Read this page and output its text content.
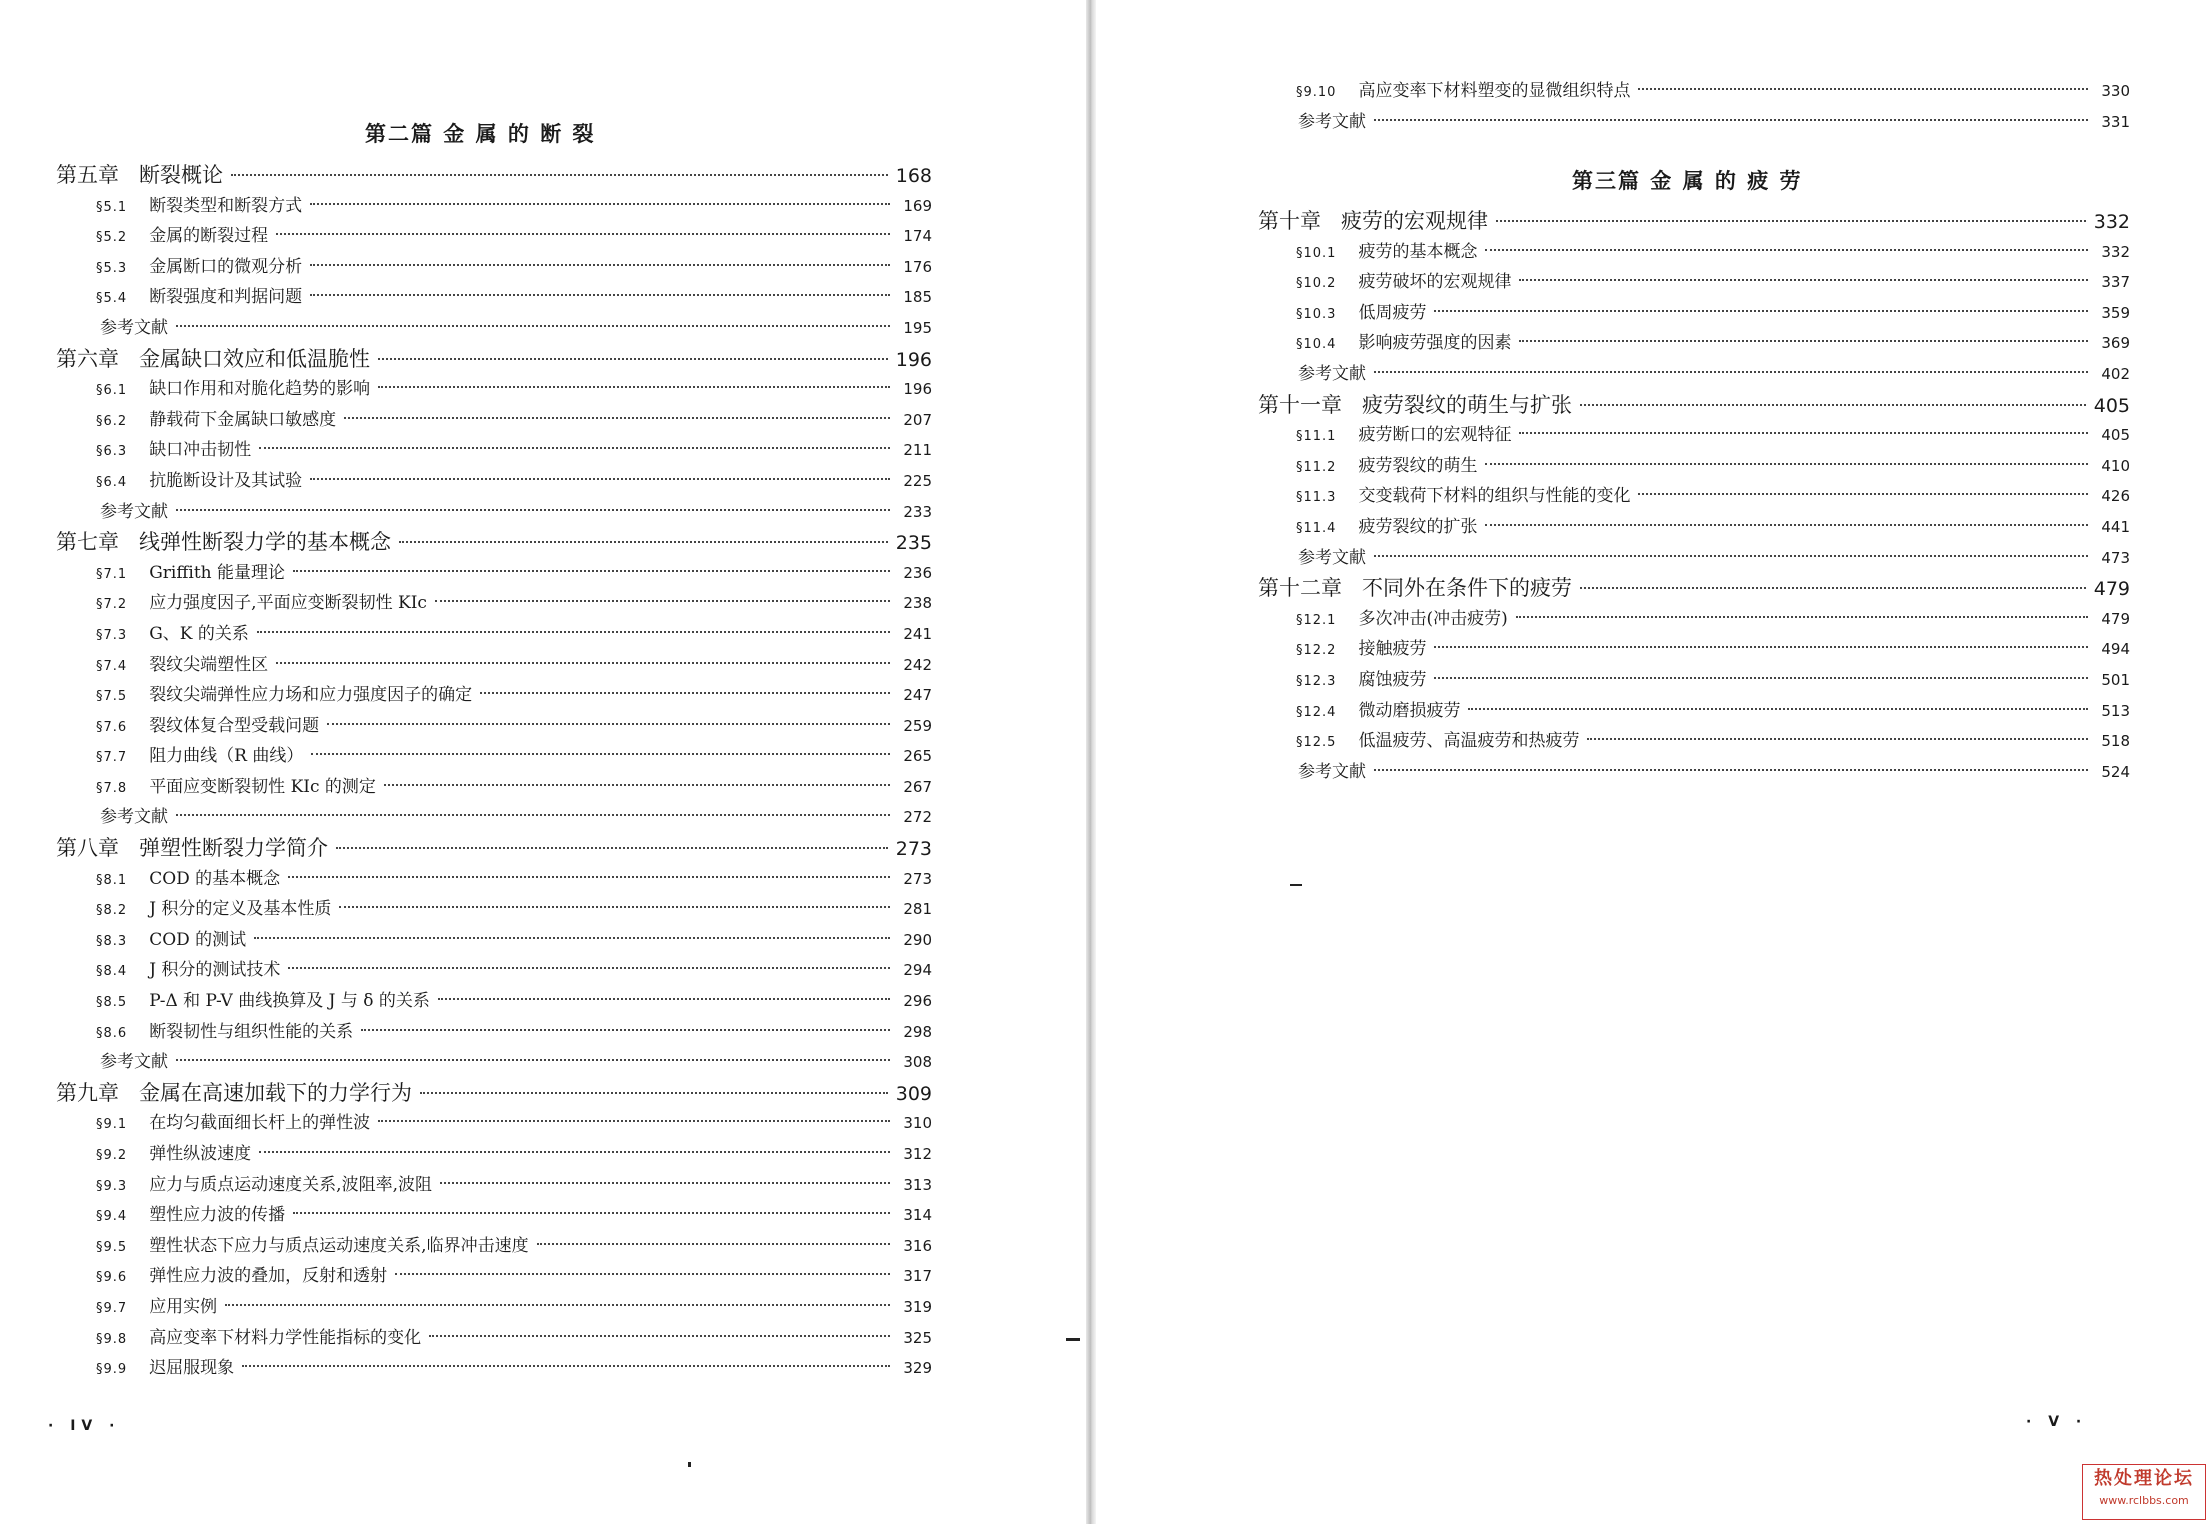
第二篇 金 属 的 断 裂
第五章 断裂概论	168
§5.1 断裂类型和断裂方式	169
§5.2 金属的断裂过程	174
§5.3 金属断口的微观分析	176
§5.4 断裂强度和判据问题	185
参考文献	195
第六章 金属缺口效应和低温脆性	196
§6.1 缺口作用和对脆化趋势的影响	196
§6.2 静载荷下金属缺口敏感度	207
§6.3 缺口冲击韧性	211
§6.4 抗脆断设计及其试验	225
参考文献	233
第七章 线弹性断裂力学的基本概念	235
§7.1 Griffith 能量理论	236
§7.2 应力强度因子,平面应变断裂韧性 KIc	238
§7.3 G、K 的关系	241
§7.4 裂纹尖端塑性区	242
§7.5 裂纹尖端弹性应力场和应力强度因子的确定	247
§7.6 裂纹体复合型受载问题	259
§7.7 阻力曲线（R 曲线）	265
§7.8 平面应变断裂韧性 KIc 的测定	267
参考文献	272
第八章 弹塑性断裂力学简介	273
§8.1 COD 的基本概念	273
§8.2 J 积分的定义及基本性质	281
§8.3 COD 的测试	290
§8.4 J 积分的测试技术	294
§8.5 P-Δ 和 P-V 曲线换算及 J 与 δ 的关系	296
§8.6 断裂韧性与组织性能的关系	298
参考文献	308
第九章 金属在高速加载下的力学行为	309
§9.1 在均匀截面细长杆上的弹性波	310
§9.2 弹性纵波速度	312
§9.3 应力与质点运动速度关系,波阻率,波阻	313
§9.4 塑性应力波的传播	314
§9.5 塑性状态下应力与质点运动速度关系,临界冲击速度	316
§9.6 弹性应力波的叠加，反射和透射	317
§9.7 应用实例	319
§9.8 高应变率下材料力学性能指标的变化	325
§9.9 迟屈服现象	329
· IV ·
§9.10 高应变率下材料塑变的显微组织特点	330
参考文献	331
第三篇 金 属 的 疲 劳
第十章 疲劳的宏观规律	332
§10.1 疲劳的基本概念	332
§10.2 疲劳破坏的宏观规律	337
§10.3 低周疲劳	359
§10.4 影响疲劳强度的因素	369
参考文献	402
第十一章 疲劳裂纹的萌生与扩张	405
§11.1 疲劳断口的宏观特征	405
§11.2 疲劳裂纹的萌生	410
§11.3 交变载荷下材料的组织与性能的变化	426
§11.4 疲劳裂纹的扩张	441
参考文献	473
第十二章 不同外在条件下的疲劳	479
§12.1 多次冲击(冲击疲劳)	479
§12.2 接触疲劳	494
§12.3 腐蚀疲劳	501
§12.4 微动磨损疲劳	513
§12.5 低温疲劳、高温疲劳和热疲劳	518
参考文献	524
· V ·
热处理论坛
www.rclbbs.com
